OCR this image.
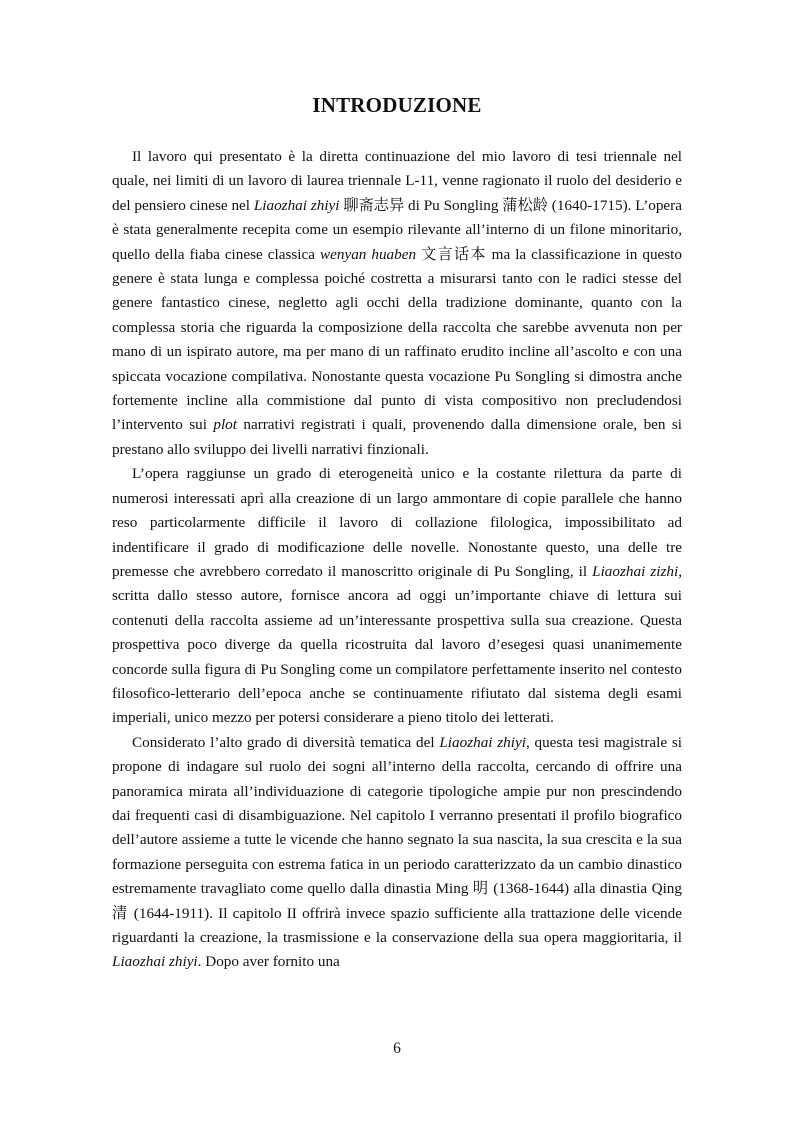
INTRODUZIONE

Il lavoro qui presentato è la diretta continuazione del mio lavoro di tesi triennale nel quale, nei limiti di un lavoro di laurea triennale L-11, venne ragionato il ruolo del desiderio e del pensiero cinese nel Liaozhai zhiyi 聊斋志异 di Pu Songling 蒲松龄 (1640-1715). L’opera è stata generalmente recepita come un esempio rilevante all’interno di un filone minoritario, quello della fiaba cinese classica wenyan huaben 文言话本 ma la classificazione in questo genere è stata lunga e complessa poiché costretta a misurarsi tanto con le radici stesse del genere fantastico cinese, negletto agli occhi della tradizione dominante, quanto con la complessa storia che riguarda la composizione della raccolta che sarebbe avvenuta non per mano di un ispirato autore, ma per mano di un raffinato erudito incline all’ascolto e con una spiccata vocazione compilativa. Nonostante questa vocazione Pu Songling si dimostra anche fortemente incline alla commistione dal punto di vista compositivo non precludendosi l’intervento sui plot narrativi registrati i quali, provenendo dalla dimensione orale, ben si prestano allo sviluppo dei livelli narrativi finzionali.

L’opera raggiunse un grado di eterogeneità unico e la costante rilettura da parte di numerosi interessati aprì alla creazione di un largo ammontare di copie parallele che hanno reso particolarmente difficile il lavoro di collazione filologica, impossibilitato ad indentificare il grado di modificazione delle novelle. Nonostante questo, una delle tre premesse che avrebbero corredato il manoscritto originale di Pu Songling, il Liaozhai zizhi, scritta dallo stesso autore, fornisce ancora ad oggi un’importante chiave di lettura sui contenuti della raccolta assieme ad un’interessante prospettiva sulla sua creazione. Questa prospettiva poco diverge da quella ricostruita dal lavoro d’esegesi quasi unanimemente concorde sulla figura di Pu Songling come un compilatore perfettamente inserito nel contesto filosofico-letterario dell’epoca anche se continuamente rifiutato dal sistema degli esami imperiali, unico mezzo per potersi considerare a pieno titolo dei letterati.

Considerato l’alto grado di diversità tematica del Liaozhai zhiyi, questa tesi magistrale si propone di indagare sul ruolo dei sogni all’interno della raccolta, cercando di offrire una panoramica mirata all’individuazione di categorie tipologiche ampie pur non prescindendo dai frequenti casi di disambiguazione. Nel capitolo I verranno presentati il profilo biografico dell’autore assieme a tutte le vicende che hanno segnato la sua nascita, la sua crescita e la sua formazione perseguita con estrema fatica in un periodo caratterizzato da un cambio dinastico estremamente travagliato come quello dalla dinastia Ming 明 (1368-1644) alla dinastia Qing 清 (1644-1911). Il capitolo II offrirà invece spazio sufficiente alla trattazione delle vicende riguardanti la creazione, la trasmissione e la conservazione della sua opera maggioritaria, il Liaozhai zhiyi. Dopo aver fornito una

6
